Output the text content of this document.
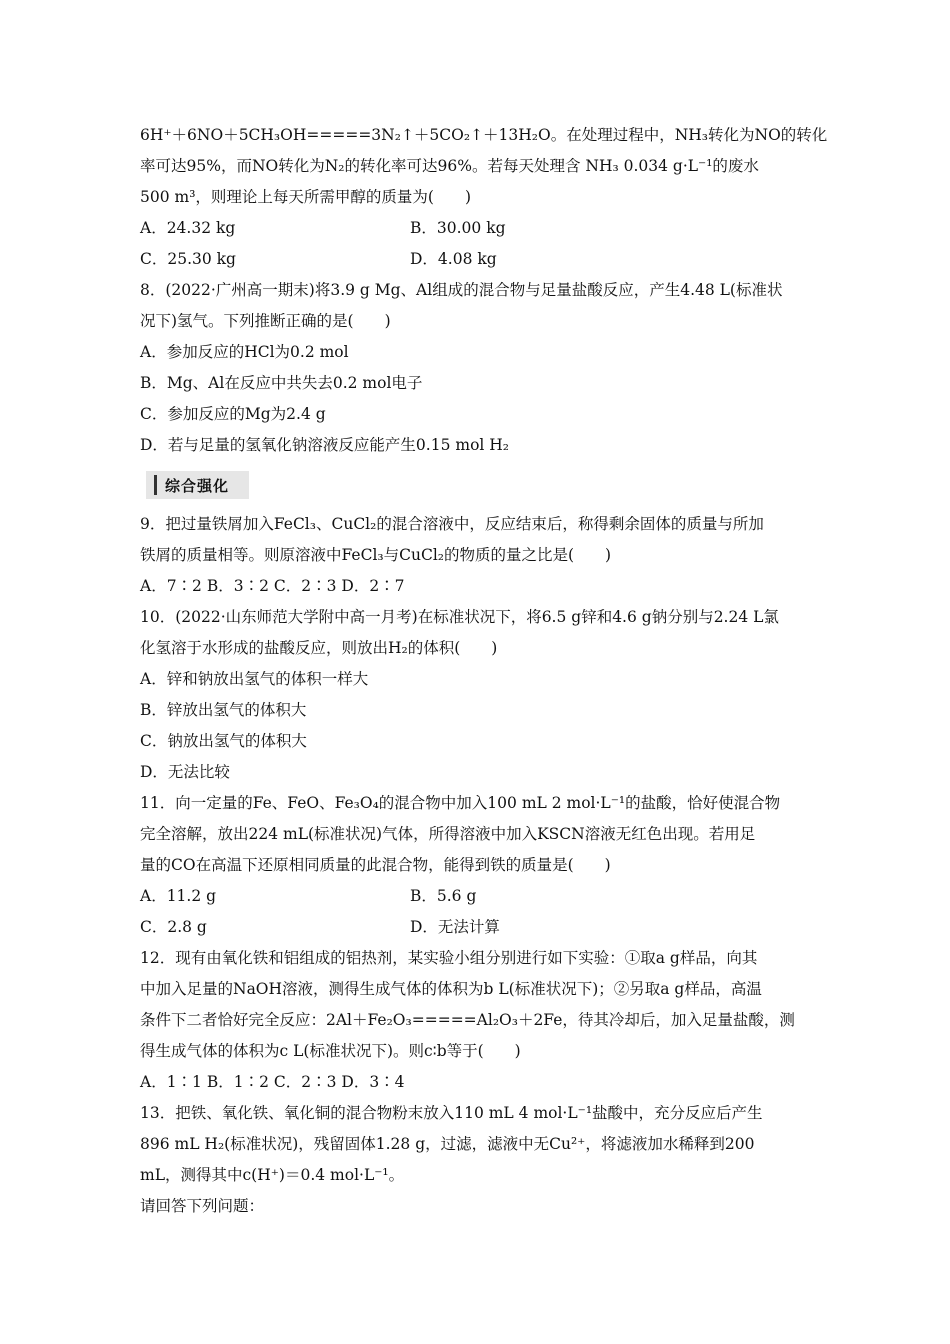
6H⁺＋6NO＋5CH₃OH=====3N₂↑＋5CO₂↑＋13H₂O。在处理过程中，NH₃转化为NO的转化
率可达95%，而NO转化为N₂的转化率可达96%。若每天处理含 NH₃ 0.034 g·L⁻¹的废水
500 m³，则理论上每天所需甲醇的质量为(　　)
A．24.32 kg	B．30.00 kg
C．25.30 kg	D．4.08 kg
8．(2022·广州高一期末)将3.9 g Mg、Al组成的混合物与足量盐酸反应，产生4.48 L(标准状
况下)氢气。下列推断正确的是(　　)
A．参加反应的HCl为0.2 mol
B．Mg、Al在反应中共失去0.2 mol电子
C．参加反应的Mg为2.4 g
D．若与足量的氢氧化钠溶液反应能产生0.15 mol H₂
综合强化
9．把过量铁屑加入FeCl₃、CuCl₂的混合溶液中，反应结束后，称得剩余固体的质量与所加
铁屑的质量相等。则原溶液中FeCl₃与CuCl₂的物质的量之比是(　　)
A．7∶2 B．3∶2 C．2∶3 D．2∶7
10．(2022·山东师范大学附中高一月考)在标准状况下，将6.5 g锌和4.6 g钠分别与2.24 L氯
化氢溶于水形成的盐酸反应，则放出H₂的体积(　　)
A．锌和钠放出氢气的体积一样大
B．锌放出氢气的体积大
C．钠放出氢气的体积大
D．无法比较
11．向一定量的Fe、FeO、Fe₃O₄的混合物中加入100 mL 2 mol·L⁻¹的盐酸，恰好使混合物
完全溶解，放出224 mL(标准状况)气体，所得溶液中加入KSCN溶液无红色出现。若用足
量的CO在高温下还原相同质量的此混合物，能得到铁的质量是(　　)
A．11.2 g	B．5.6 g
C．2.8 g	D．无法计算
12．现有由氧化铁和铝组成的铝热剂，某实验小组分别进行如下实验：①取a g样品，向其
中加入足量的NaOH溶液，测得生成气体的体积为b L(标准状况下)；②另取a g样品，高温
条件下二者恰好完全反应：2Al＋Fe₂O₃=====Al₂O₃＋2Fe，待其冷却后，加入足量盐酸，测
得生成气体的体积为c L(标准状况下)。则c∶b等于(　　)
A．1∶1 B．1∶2 C．2∶3 D．3∶4
13．把铁、氧化铁、氧化铜的混合物粉末放入110 mL 4 mol·L⁻¹盐酸中，充分反应后产生
896 mL H₂(标准状况)，残留固体1.28 g，过滤，滤液中无Cu²⁺，将滤液加水稀释到200
mL，测得其中c(H⁺)＝0.4 mol·L⁻¹。
请回答下列问题：
